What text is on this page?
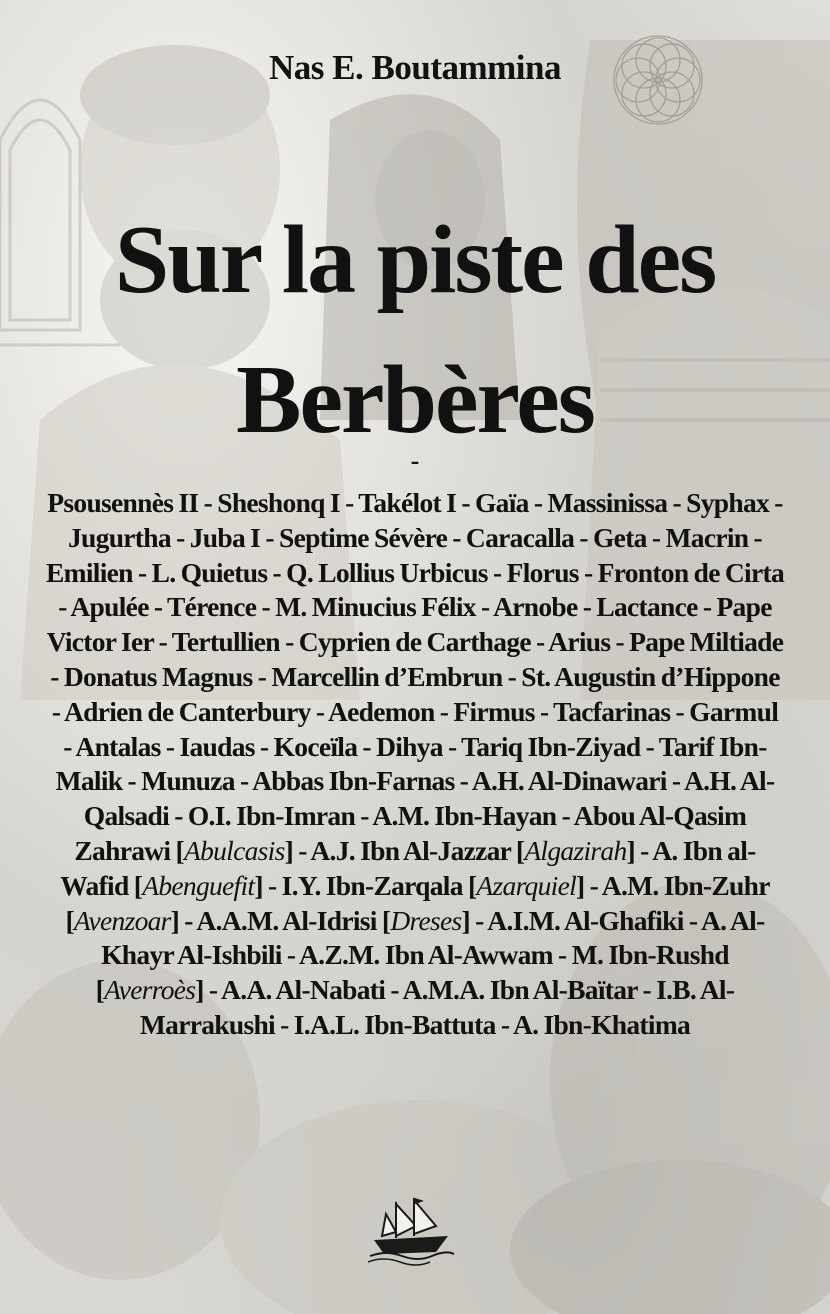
Nas E. Boutammina
Sur la piste des
Berbères
-
Psousennès II - Sheshonq I - Takélot I - Gaïa - Massinissa - Syphax - Jugurtha - Juba I - Septime Sévère - Caracalla - Geta - Macrin - Emilien - L. Quietus - Q. Lollius Urbicus - Florus - Fronton de Cirta - Apulée - Térence - M. Minucius Félix - Arnobe - Lactance - Pape Victor Ier - Tertullien - Cyprien de Carthage - Arius - Pape Miltiade - Donatus Magnus - Marcellin d’Embrun - St. Augustin d’Hippone - Adrien de Canterbury - Aedemon - Firmus - Tacfarinas - Garmul - Antalas - Iaudas - Koceïla - Dihya - Tariq Ibn-Ziyad - Tarif Ibn-Malik - Munuza - Abbas Ibn-Farnas - A.H. Al-Dinawari - A.H. Al-Qalsadi - O.I. Ibn-Imran - A.M. Ibn-Hayan - Abou Al-Qasim Zahrawi [Abulcasis] - A.J. Ibn Al-Jazzar [Algazirah] - A. Ibn al-Wafid [Abenguefit] - I.Y. Ibn-Zarqala [Azarquiel] - A.M. Ibn-Zuhr [Avenzoar] - A.A.M. Al-Idrisi [Dreses] - A.I.M. Al-Ghafiki - A. Al-Khayr Al-Ishbili - A.Z.M. Ibn Al-Awwam - M. Ibn-Rushd [Averroès] - A.A. Al-Nabati - A.M.A. Ibn Al-Baïtar - I.B. Al-Marrakushi - I.A.L. Ibn-Battuta - A. Ibn-Khatima
